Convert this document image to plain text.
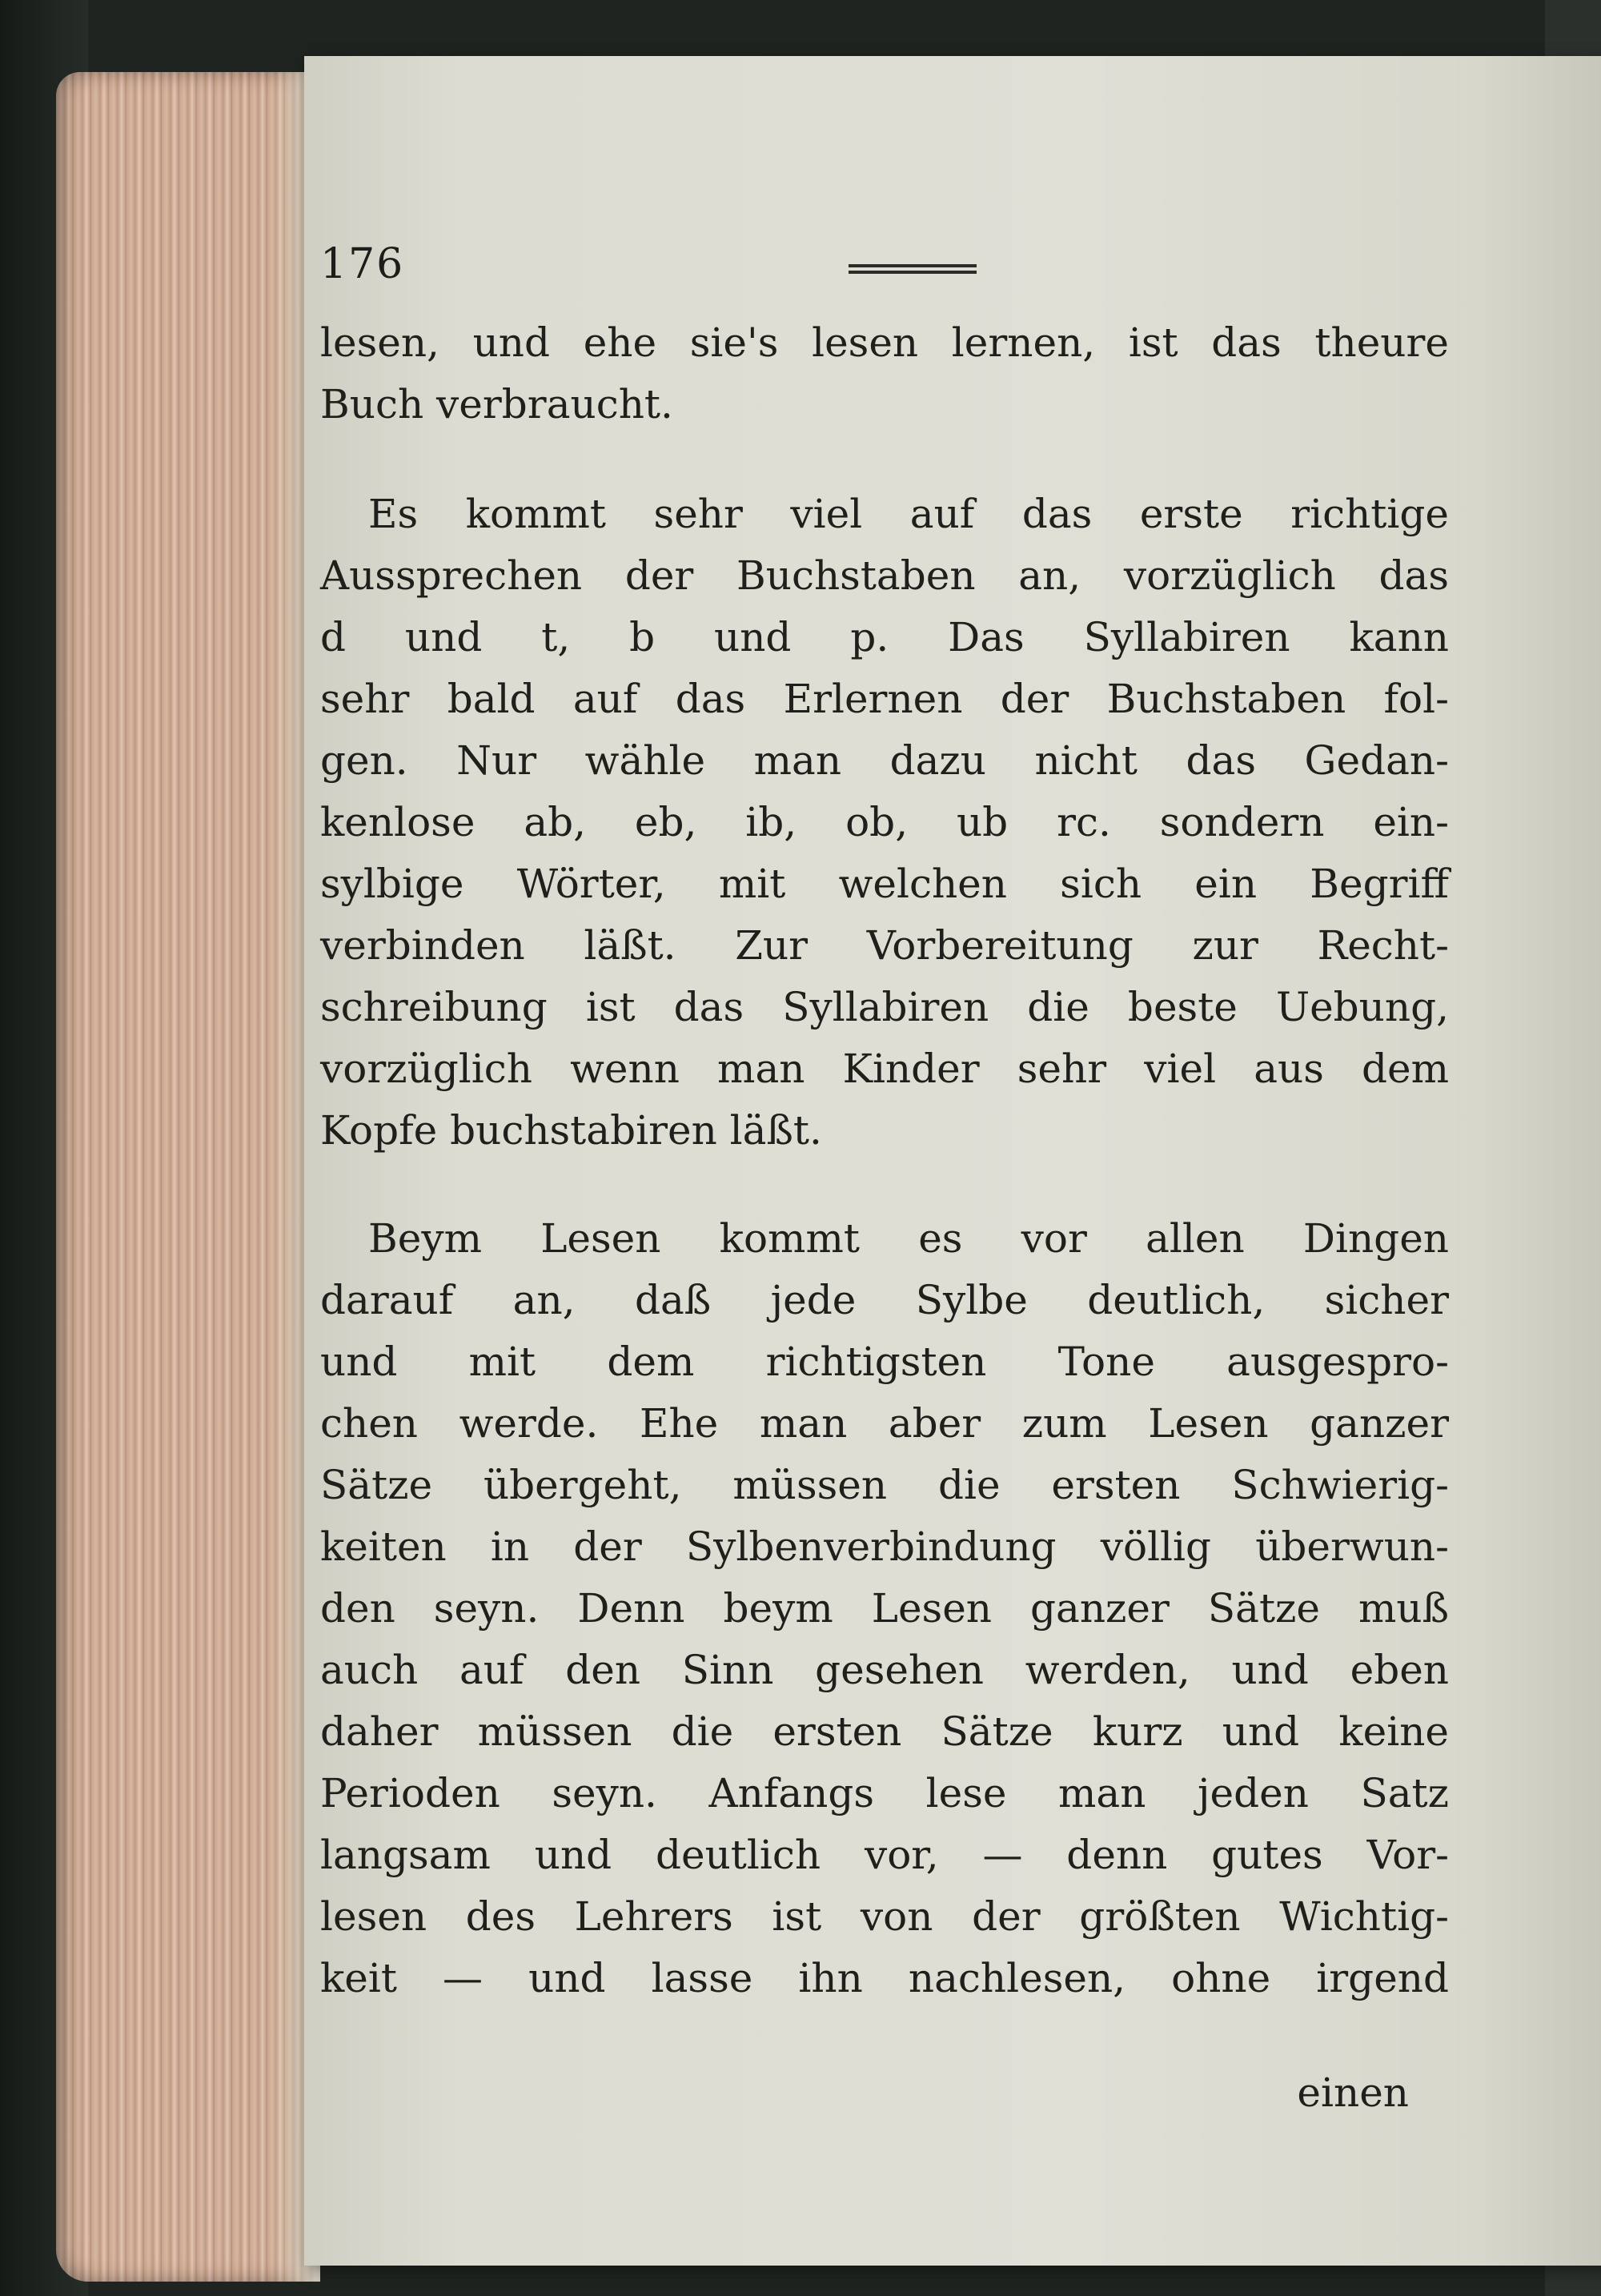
176
lesen, und ehe sie's lesen lernen, ist das theure
Buch verbraucht.
Es kommt sehr viel auf das erste richtige
Aussprechen der Buchstaben an, vorzüglich das
d und t, b und p. Das Syllabiren kann
sehr bald auf das Erlernen der Buchstaben fol-
gen. Nur wähle man dazu nicht das Gedan-
kenlose ab, eb, ib, ob, ub rc. sondern ein-
sylbige Wörter, mit welchen sich ein Begriff
verbinden läßt. Zur Vorbereitung zur Recht-
schreibung ist das Syllabiren die beste Uebung,
vorzüglich wenn man Kinder sehr viel aus dem
Kopfe buchstabiren läßt.
Beym Lesen kommt es vor allen Dingen
darauf an, daß jede Sylbe deutlich, sicher
und mit dem richtigsten Tone ausgespro-
chen werde. Ehe man aber zum Lesen ganzer
Sätze übergeht, müssen die ersten Schwierig-
keiten in der Sylbenverbindung völlig überwun-
den seyn. Denn beym Lesen ganzer Sätze muß
auch auf den Sinn gesehen werden, und eben
daher müssen die ersten Sätze kurz und keine
Perioden seyn. Anfangs lese man jeden Satz
langsam und deutlich vor, — denn gutes Vor-
lesen des Lehrers ist von der größten Wichtig-
keit — und lasse ihn nachlesen, ohne irgend
einen
